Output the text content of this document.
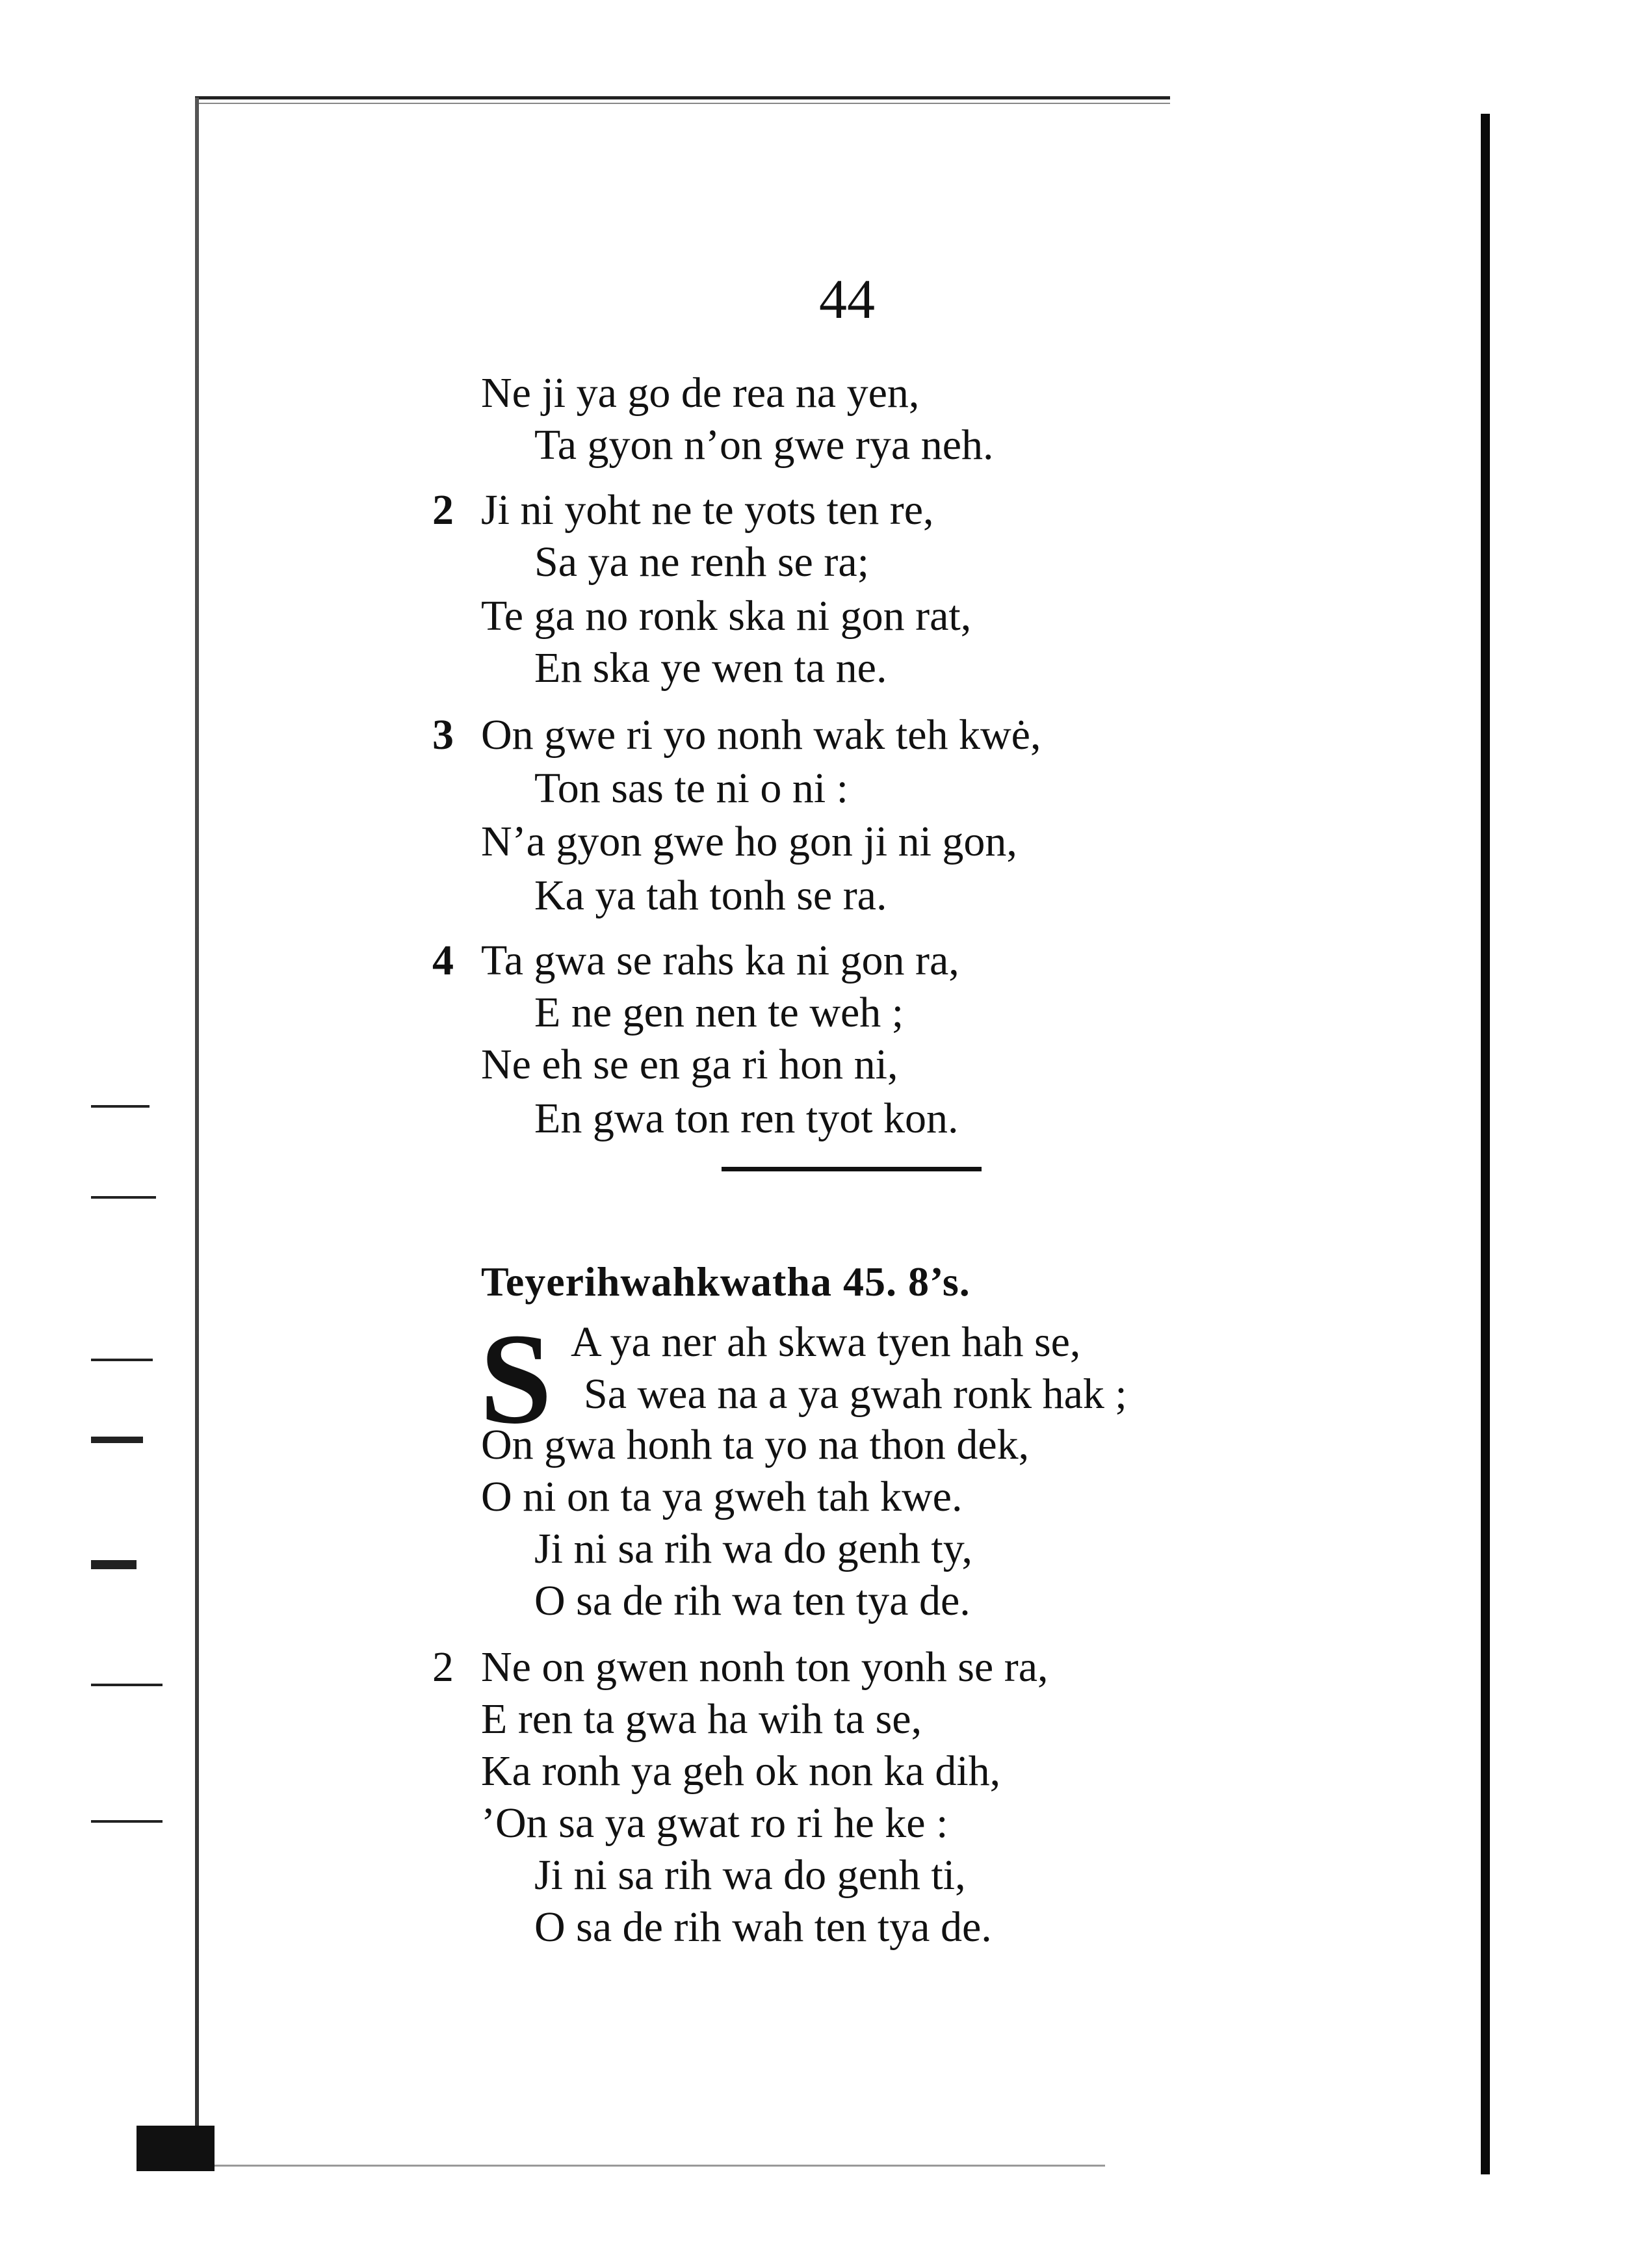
44
Ne ji ya go de rea na yen,
Ta gyon n’on gwe rya neh.
2 Ji ni yoht ne te yots ten re,
Sa ya ne renh se ra;
Te ga no ronk ska ni gon rat,
En ska ye wen ta ne.
3 On gwe ri yo nonh wak teh kwė,
Ton sas te ni o ni :
N’a gyon gwe ho gon ji ni gon,
Ka ya tah tonh se ra.
4 Ta gwa se rahs ka ni gon ra,
E ne gen nen te weh ;
Ne eh se en ga ri hon ni,
En gwa ton ren tyot kon.
Teyerihwahkwatha 45. 8’s.
S A ya ner ah skwa tyen hah se,
Sa wea na a ya gwah ronk hak ;
On gwa honh ta yo na thon dek,
O ni on ta ya gweh tah kwe.
Ji ni sa rih wa do genh ty,
O sa de rih wa ten tya de.
2 Ne on gwen nonh ton yonh se ra,
E ren ta gwa ha wih ta se,
Ka ronh ya geh ok non ka dih,
’On sa ya gwat ro ri he ke :
Ji ni sa rih wa do genh ti,
O sa de rih wah ten tya de.
